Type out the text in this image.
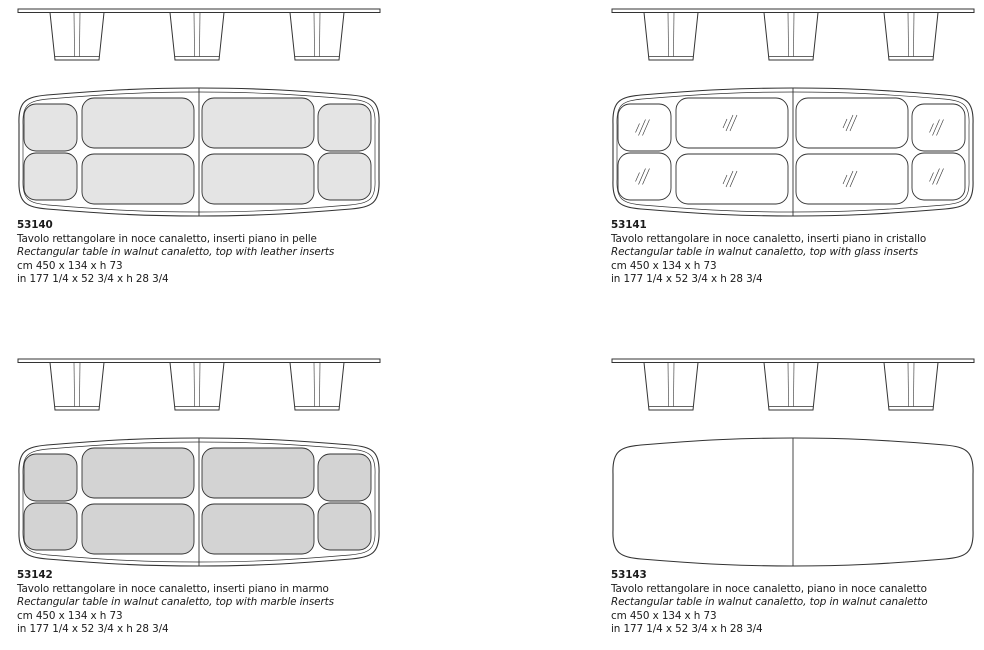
53140
Tavolo rettangolare in noce canaletto, inserti piano in pelle
Rectangular table in walnut canaletto, top with leather inserts
cm 450 x 134 x h 73
in 177 1/4 x 52 3/4 x h 28 3/4
53141
Tavolo rettangolare in noce canaletto, inserti piano in cristallo
Rectangular table in walnut canaletto, top with glass inserts
cm 450 x 134 x h 73
in 177 1/4 x 52 3/4 x h 28 3/4
53142
Tavolo rettangolare in noce canaletto, inserti piano in marmo
Rectangular table in walnut canaletto, top with marble inserts
cm 450 x 134 x h 73
in 177 1/4 x 52 3/4 x h 28 3/4
53143
Tavolo rettangolare in noce canaletto, piano in noce canaletto
Rectangular table in walnut canaletto, top in walnut canaletto
cm 450 x 134 x h 73
in 177 1/4 x 52 3/4 x h 28 3/4
